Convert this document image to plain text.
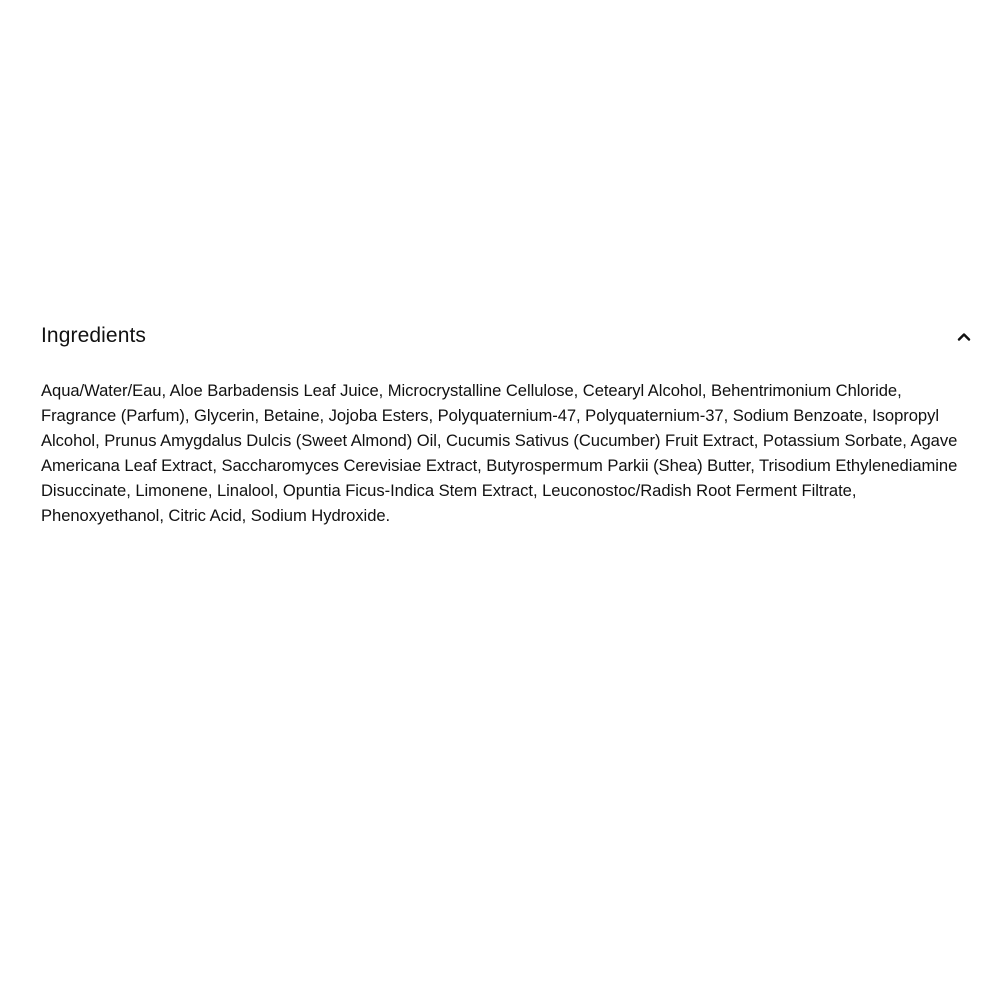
Ingredients
Aqua/Water/Eau, Aloe Barbadensis Leaf Juice, Microcrystalline Cellulose, Cetearyl Alcohol, Behentrimonium Chloride, Fragrance (Parfum), Glycerin, Betaine, Jojoba Esters, Polyquaternium-47, Polyquaternium-37, Sodium Benzoate, Isopropyl Alcohol, Prunus Amygdalus Dulcis (Sweet Almond) Oil, Cucumis Sativus (Cucumber) Fruit Extract, Potassium Sorbate, Agave Americana Leaf Extract, Saccharomyces Cerevisiae Extract, Butyrospermum Parkii (Shea) Butter, Trisodium Ethylenediamine Disuccinate, Limonene, Linalool, Opuntia Ficus-Indica Stem Extract, Leuconostoc/Radish Root Ferment Filtrate, Phenoxyethanol, Citric Acid, Sodium Hydroxide.
